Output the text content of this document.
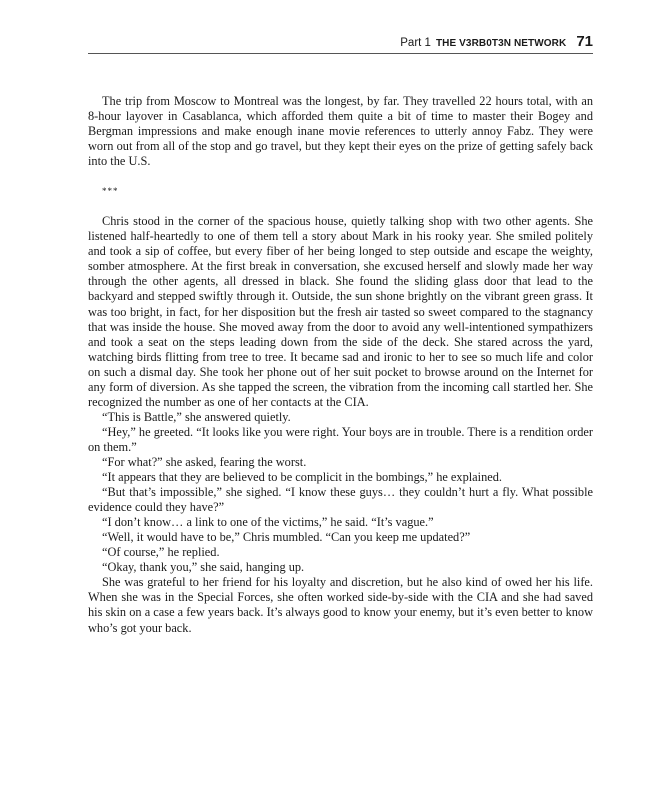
Part 1 THE V3RB0T3N NETWORK 71

The trip from Moscow to Montreal was the longest, by far. They travelled 22 hours total, with an 8-hour layover in Casablanca, which afforded them quite a bit of time to master their Bogey and Bergman impressions and make enough inane movie references to utterly annoy Fabz. They were worn out from all of the stop and go travel, but they kept their eyes on the prize of getting safely back into the U.S.

***

Chris stood in the corner of the spacious house, quietly talking shop with two other agents. She listened half-heartedly to one of them tell a story about Mark in his rooky year. She smiled politely and took a sip of coffee, but every fiber of her being longed to step outside and escape the weighty, somber atmosphere. At the first break in conversation, she excused herself and slowly made her way through the other agents, all dressed in black. She found the sliding glass door that lead to the backyard and stepped swiftly through it. Outside, the sun shone brightly on the vibrant green grass. It was too bright, in fact, for her disposition but the fresh air tasted so sweet compared to the stagnancy that was inside the house. She moved away from the door to avoid any well-intentioned sympathizers and took a seat on the steps leading down from the side of the deck. She stared across the yard, watching birds flitting from tree to tree. It became sad and ironic to her to see so much life and color on such a dismal day. She took her phone out of her suit pocket to browse around on the Internet for any form of diversion. As she tapped the screen, the vibration from the incoming call startled her. She recognized the number as one of her contacts at the CIA.

“This is Battle,” she answered quietly.

“Hey,” he greeted. “It looks like you were right. Your boys are in trouble. There is a rendition order on them.”

“For what?” she asked, fearing the worst.

“It appears that they are believed to be complicit in the bombings,” he explained.

“But that’s impossible,” she sighed. “I know these guys… they couldn’t hurt a fly. What possible evidence could they have?”

“I don’t know… a link to one of the victims,” he said. “It’s vague.”

“Well, it would have to be,” Chris mumbled. “Can you keep me updated?”

“Of course,” he replied.

“Okay, thank you,” she said, hanging up.

She was grateful to her friend for his loyalty and discretion, but he also kind of owed her his life. When she was in the Special Forces, she often worked side-by-side with the CIA and she had saved his skin on a case a few years back. It’s always good to know your enemy, but it’s even better to know who’s got your back.
